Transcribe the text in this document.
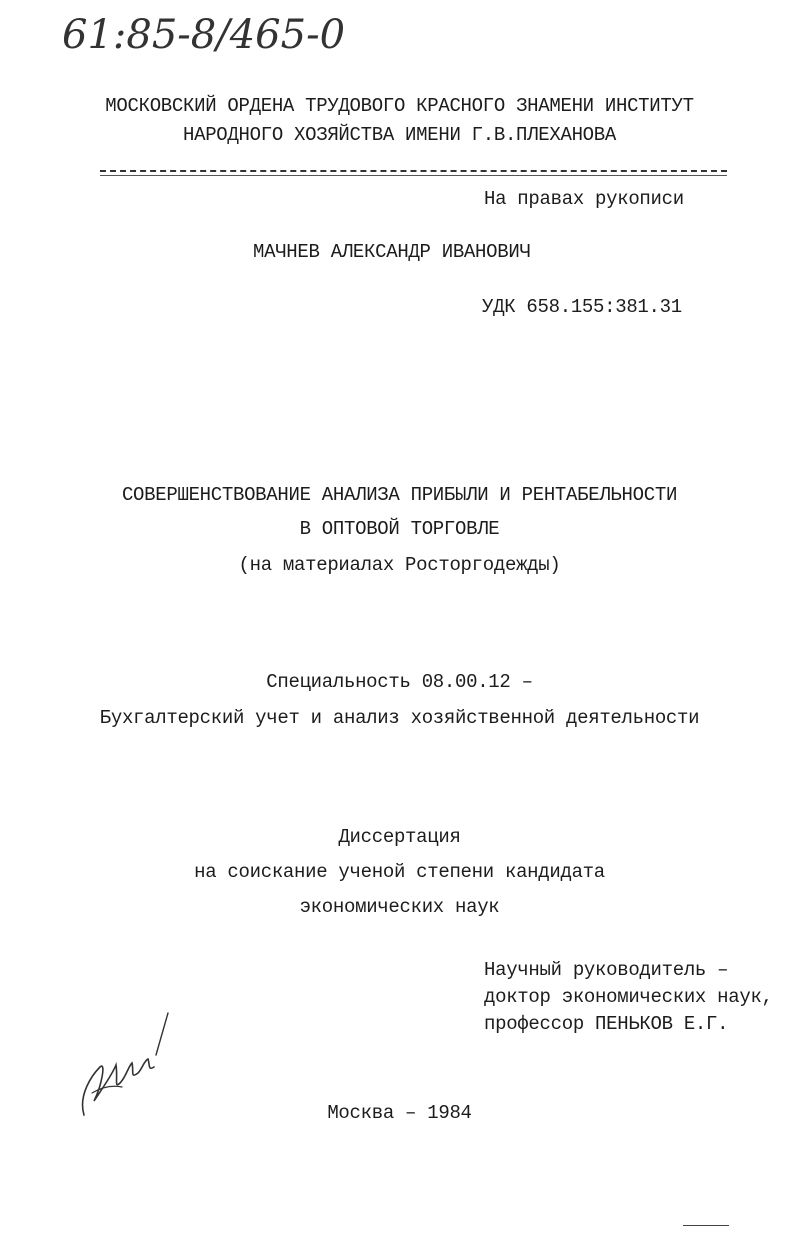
61:85-8/465-0
МОСКОВСКИЙ ОРДЕНА ТРУДОВОГО КРАСНОГО ЗНАМЕНИ ИНСТИТУТ
НАРОДНОГО ХОЗЯЙСТВА ИМЕНИ Г.В.ПЛЕХАНОВА
На правах рукописи
МАЧНЕВ АЛЕКСАНДР ИВАНОВИЧ
УДК 658.155:381.31
СОВЕРШЕНСТВОВАНИЕ АНАЛИЗА ПРИБЫЛИ И РЕНТАБЕЛЬНОСТИ
В ОПТОВОЙ ТОРГОВЛЕ
(на материалах Росторгодежды)
Специальность 08.00.12 –
Бухгалтерский учет и анализ хозяйственной деятельности
Диссертация
на соискание ученой степени кандидата
экономических наук
Научный руководитель –
доктор экономических наук,
профессор ПЕНЬКОВ Е.Г.
Москва – 1984
